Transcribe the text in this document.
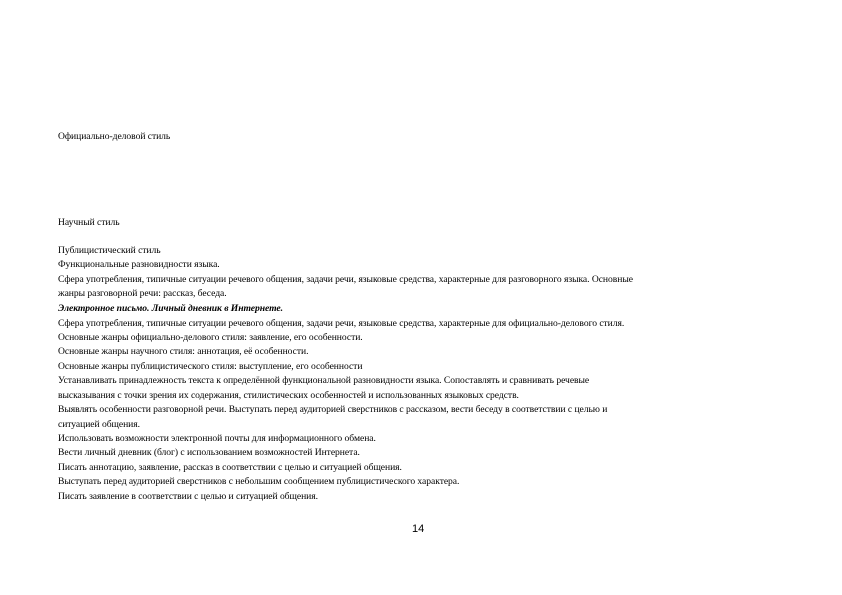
Официально-деловой стиль
Научный стиль
Публицистический стиль
Функциональные разновидности языка.
Сфера употребления, типичные ситуации речевого общения, задачи речи, языковые средства, характерные для разговорного языка. Основные
жанры разговорной речи: рассказ, беседа.
Электронное письмо. Личный дневник в Интернете.
Сфера употребления, типичные ситуации речевого общения, задачи речи, языковые средства, характерные для официально-делового стиля.
Основные жанры официально-делового стиля: заявление, его особенности.
Основные жанры научного стиля: аннотация, её особенности.
Основные жанры публицистического стиля: выступление, его особенности
Устанавливать принадлежность текста к определённой функциональной разновидности языка. Сопоставлять и сравнивать речевые
высказывания с точки зрения их содержания, стилистических особенностей и использованных языковых средств.
Выявлять особенности разговорной речи. Выступать перед аудиторией сверстников с рассказом, вести беседу в соответствии с целью и
ситуацией общения.
Использовать возможности электронной почты для информационного обмена.
Вести личный дневник (блог) с использованием возможностей Интернета.
Писать аннотацию, заявление, рассказ в соответствии с целью и ситуацией общения.
Выступать перед аудиторией сверстников с небольшим сообщением публицистического характера.
Писать заявление в соответствии с целью и ситуацией общения.
14
